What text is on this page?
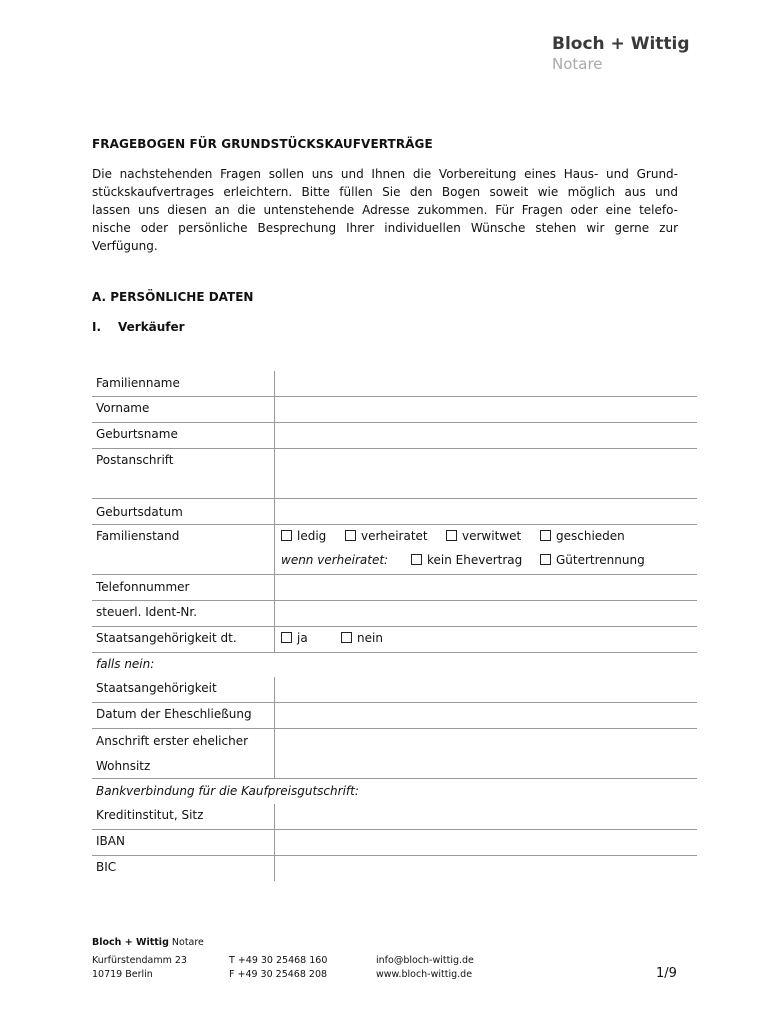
Bloch + Wittig
Notare
FRAGEBOGEN FÜR GRUNDSTÜCKSKAUFVERTRÄGE
Die nachstehenden Fragen sollen uns und Ihnen die Vorbereitung eines Haus- und Grund-
stückskaufvertrages erleichtern. Bitte füllen Sie den Bogen soweit wie möglich aus und
lassen uns diesen an die untenstehende Adresse zukommen. Für Fragen oder eine telefo-
nische oder persönliche Besprechung Ihrer individuellen Wünsche stehen wir gerne zur
Verfügung.
A. PERSÖNLICHE DATEN
I. Verkäufer
Familienname
Vorname
Geburtsname
Postanschrift
Geburtsdatum
Familienstand	ledig	verheiratet	verwitwet	geschieden
wenn verheiratet:	kein Ehevertrag	Gütertrennung
Telefonnummer
steuerl. Ident-Nr.
Staatsangehörigkeit dt.	ja	nein
falls nein:
Staatsangehörigkeit
Datum der Eheschließung
Anschrift erster ehelicher
Wohnsitz
Bankverbindung für die Kaufpreisgutschrift:
Kreditinstitut, Sitz
IBAN
BIC
Bloch + Wittig Notare
Kurfürstendamm 23
10719 Berlin
T +49 30 25468 160
F +49 30 25468 208
info@bloch-wittig.de
www.bloch-wittig.de	1/9
